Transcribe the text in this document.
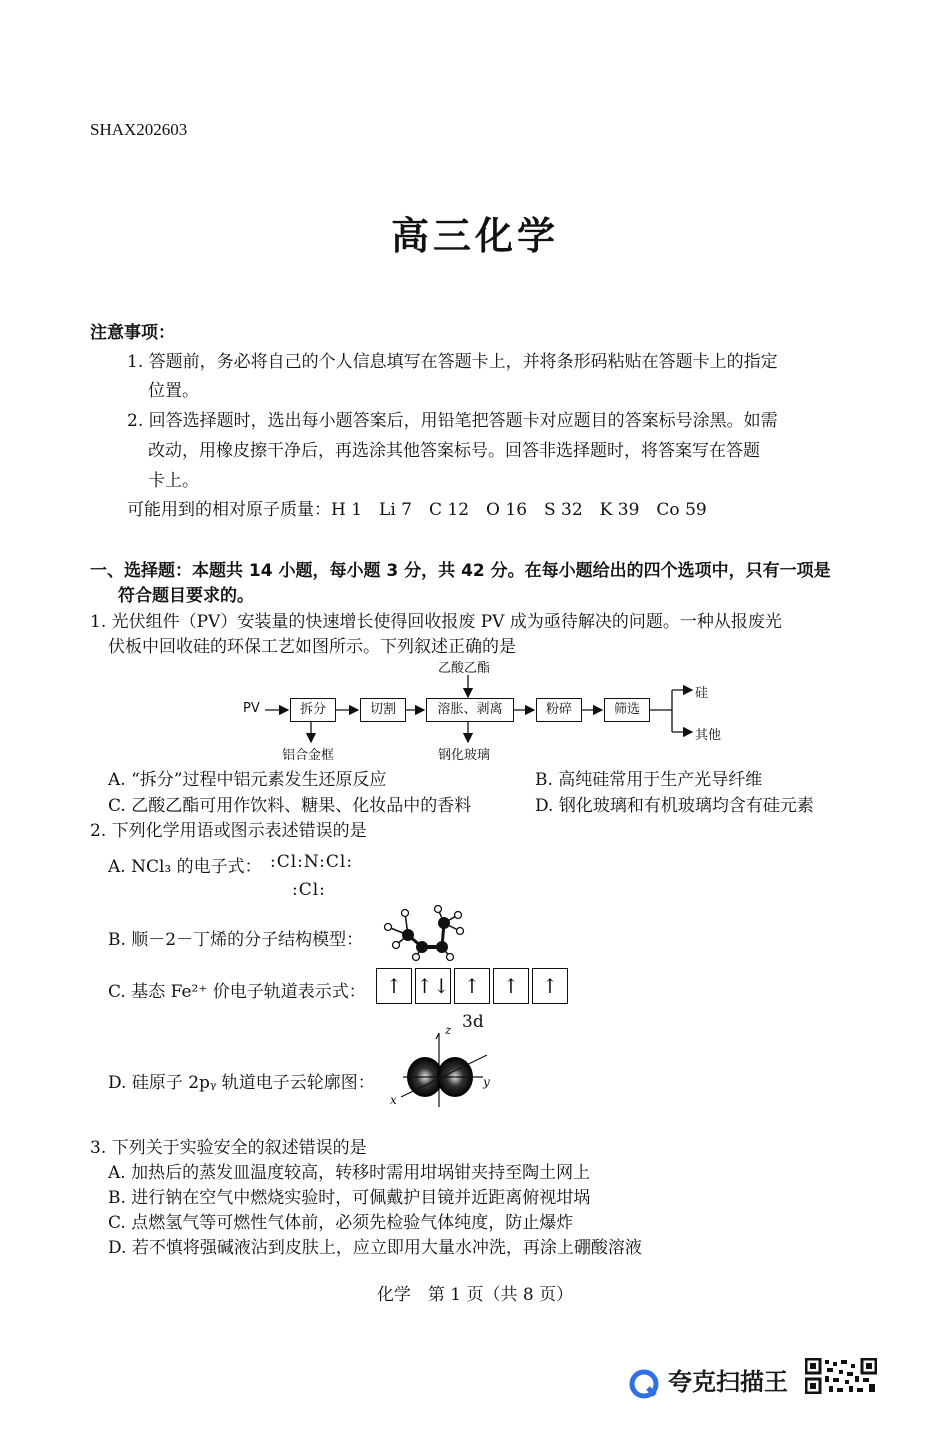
SHAX202603
高三化学
注意事项：
1. 答题前，务必将自己的个人信息填写在答题卡上，并将条形码粘贴在答题卡上的指定
位置。
2. 回答选择题时，选出每小题答案后，用铅笔把答题卡对应题目的答案标号涂黑。如需
改动，用橡皮擦干净后，再选涂其他答案标号。回答非选择题时，将答案写在答题
卡上。
可能用到的相对原子质量：H 1　Li 7　C 12　O 16　S 32　K 39　Co 59
一、选择题：本题共 14 小题，每小题 3 分，共 42 分。在每小题给出的四个选项中，只有一项是
符合题目要求的。
1. 光伏组件（PV）安装量的快速增长使得回收报废 PV 成为亟待解决的问题。一种从报废光
伏板中回收硅的环保工艺如图所示。下列叙述正确的是
PV	拆分	切割	溶胀、剥离	粉碎	筛选
乙酸乙酯
铝合金框	钢化玻璃
硅
其他
A. “拆分”过程中铝元素发生还原反应	B. 高纯硅常用于生产光导纤维
C. 乙酸乙酯可用作饮料、糖果、化妆品中的香料	D. 钢化玻璃和有机玻璃均含有硅元素
2. 下列化学用语或图示表述错误的是
A. NCl₃ 的电子式： :Cl:N:Cl:
:Cl:
B. 顺－2－丁烯的分子结构模型：
C. 基态 Fe²⁺ 价电子轨道表示式： ↑ ↑↓ ↑	↑	↑
3d
D. 硅原子 2pᵧ 轨道电子云轮廓图：
z
y
x
3. 下列关于实验安全的叙述错误的是
A. 加热后的蒸发皿温度较高，转移时需用坩埚钳夹持至陶土网上
B. 进行钠在空气中燃烧实验时，可佩戴护目镜并近距离俯视坩埚
C. 点燃氢气等可燃性气体前，必须先检验气体纯度，防止爆炸
D. 若不慎将强碱液沾到皮肤上，应立即用大量水冲洗，再涂上硼酸溶液
化学　第 1 页（共 8 页）
夸克扫描王
